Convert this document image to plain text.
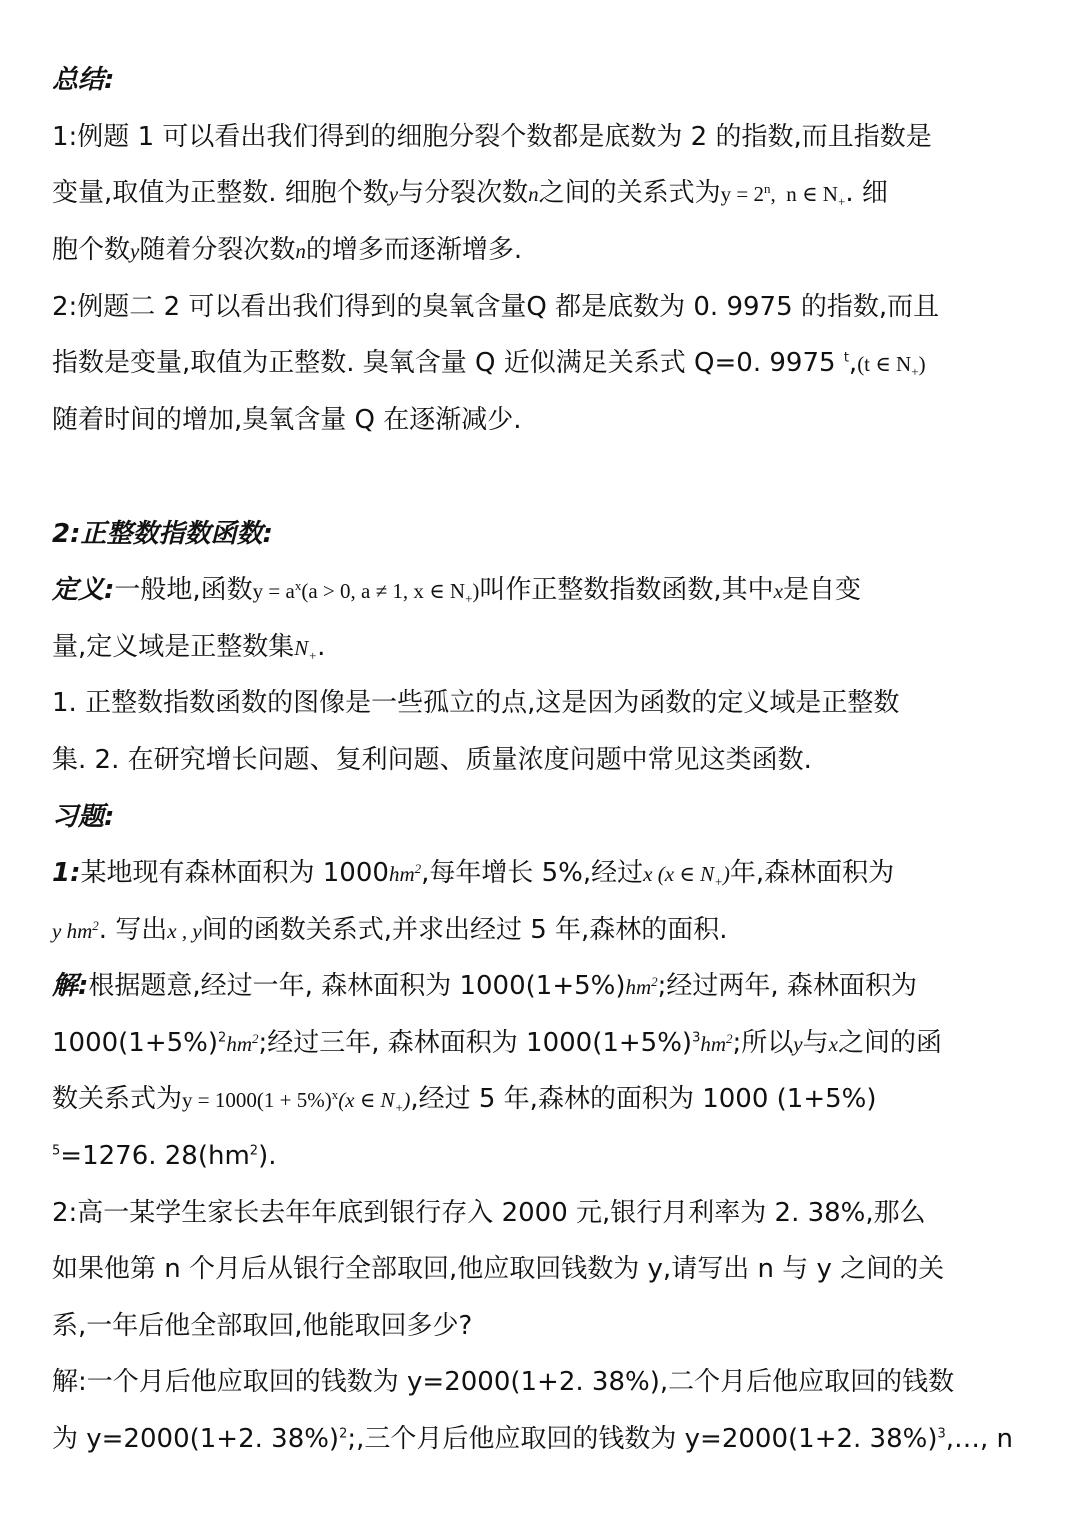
总结:
1:例题 1 可以看出我们得到的细胞分裂个数都是底数为 2 的指数,而且指数是
变量,取值为正整数. 细胞个数y与分裂次数n之间的关系式为$y = 2^n$,  n ∈ $N_+$. 细
胞个数y随着分裂次数n的增多而逐渐增多.
2:例题二 2 可以看出我们得到的臭氧含量Q 都是底数为 0. 9975 的指数,而且
指数是变量,取值为正整数. 臭氧含量 Q 近似满足关系式 Q=0. 9975 $^t$,(t ∈ $N_+$)
随着时间的增加,臭氧含量 Q 在逐渐减少.
2:正整数指数函数:
定义:一般地,函数$y = a^x(a > 0$, a ≠ 1, x ∈ $N_+$)叫作正整数指数函数,其中x是自变
量,定义域是正整数集$N_+$.
1. 正整数指数函数的图像是一些孤立的点,这是因为函数的定义域是正整数
集. 2. 在研究增长问题、复利问题、质量浓度问题中常见这类函数.
习题:
1:某地现有森林面积为 $1000hm^2$,每年增长 5%,经过x (x ∈ $N_+$)年,森林面积为
y $hm^2$. 写出x , y间的函数关系式,并求出经过 5 年,森林的面积.
解:根据题意,经过一年, 森林面积为 $1000(1+5\%)hm^2$;经过两年, 森林面积为
$1000(1+5\%)^2hm^2$;经过三年, 森林面积为 $1000(1+5\%)^3hm^2$;所以y与x之间的函
数关系式为$y = 1000(1 + 5\%)^x(x$ ∈ $N_+$),经过 5 年,森林的面积为 1000 (1+5%)
$^5$=1276. $28(hm^2)$.
2:高一某学生家长去年年底到银行存入 2000 元,银行月利率为 2. 38%,那么
如果他第 n 个月后从银行全部取回,他应取回钱数为 y,请写出 n 与 y 之间的关
系,一年后他全部取回,他能取回多少?
解:一个月后他应取回的钱数为 y=2000(1+2. 38%),二个月后他应取回的钱数
为 y=2000(1+2. 38%)$^2$;,三个月后他应取回的钱数为 y=2000(1+2. 38%)$^3$,…, n
